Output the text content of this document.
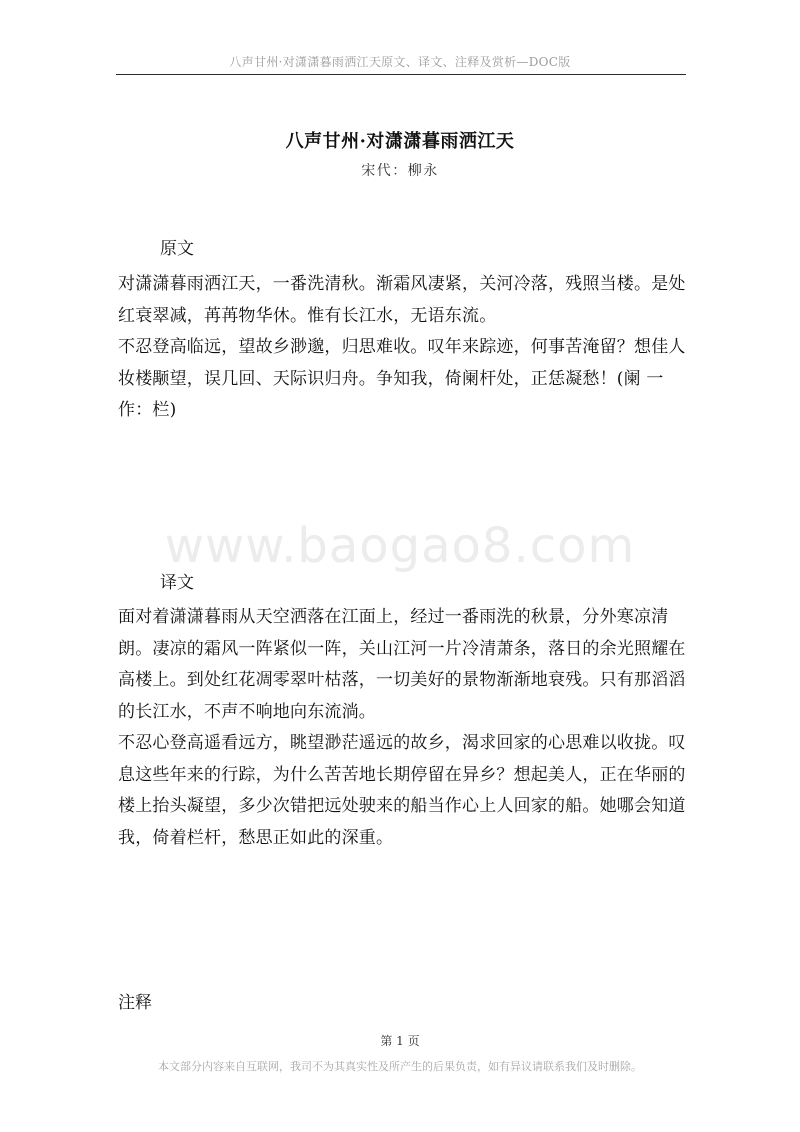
www.baogao8.com
八声甘州·对潇潇暮雨洒江天原文、译文、注释及赏析—DOC版
八声甘州·对潇潇暮雨洒江天
宋代：柳永
原文

对潇潇暮雨洒江天，一番洗清秋。渐霜风凄紧，关河冷落，残照当楼。是处红衰翠减，苒苒物华休。惟有长江水，无语东流。

不忍登高临远，望故乡渺邈，归思难收。叹年来踪迹，何事苦淹留？想佳人妆楼颙望，误几回、天际识归舟。争知我，倚阑杆处，正恁凝愁！(阑 一作：栏)

译文

面对着潇潇暮雨从天空洒落在江面上，经过一番雨洗的秋景，分外寒凉清朗。凄凉的霜风一阵紧似一阵，关山江河一片冷清萧条，落日的余光照耀在高楼上。到处红花凋零翠叶枯落，一切美好的景物渐渐地衰残。只有那滔滔的长江水，不声不响地向东流淌。

不忍心登高遥看远方，眺望渺茫遥远的故乡，渴求回家的心思难以收拢。叹息这些年来的行踪，为什么苦苦地长期停留在异乡？想起美人，正在华丽的楼上抬头凝望，多少次错把远处驶来的船当作心上人回家的船。她哪会知道我，倚着栏杆，愁思正如此的深重。

注释
第 1 页
本文部分内容来自互联网，我司不为其真实性及所产生的后果负责，如有异议请联系我们及时删除。
